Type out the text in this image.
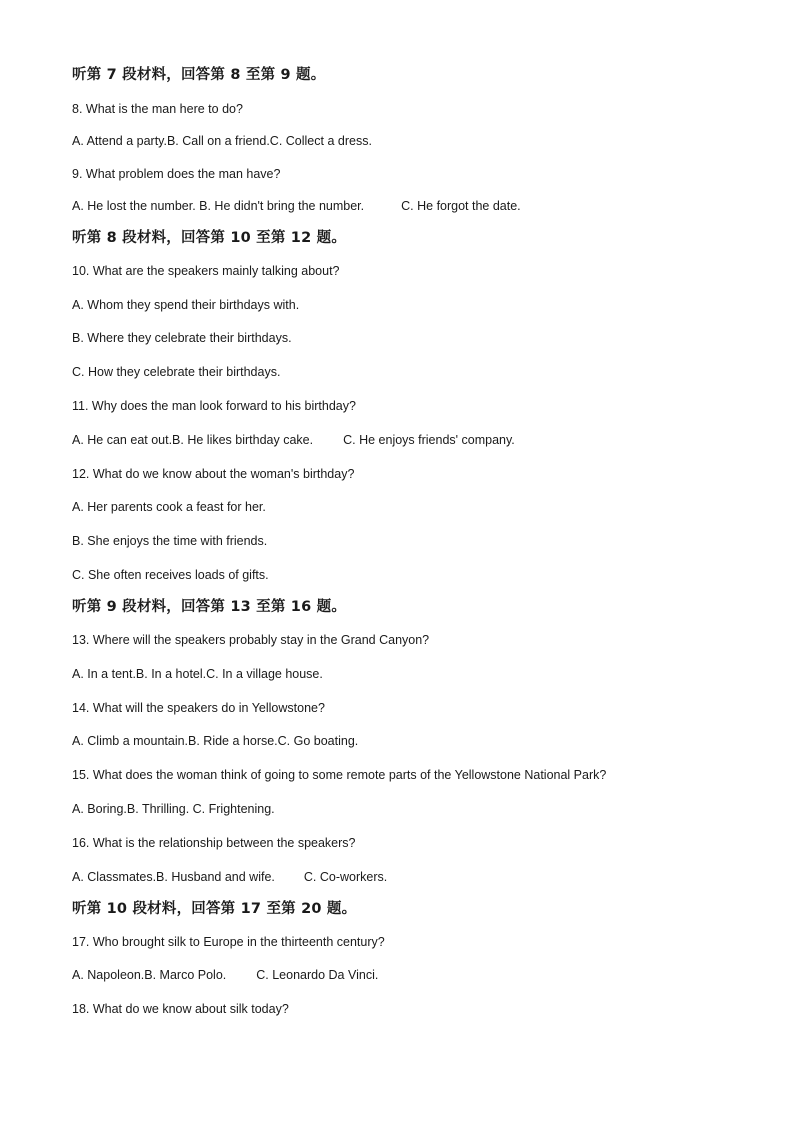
听第 7 段材料，回答第 8 至第 9 题。
8. What is the man here to do?
A. Attend a party.B. Call on a friend.C. Collect a dress.
9. What problem does the man have?
A. He lost the number. B. He didn't bring the number.	C. He forgot the date.
听第 8 段材料，回答第 10 至第 12 题。
10. What are the speakers mainly talking about?
A. Whom they spend their birthdays with.
B. Where they celebrate their birthdays.
C. How they celebrate their birthdays.
11. Why does the man look forward to his birthday?
A. He can eat out.B. He likes birthday cake. C. He enjoys friends' company.
12. What do we know about the woman's birthday?
A. Her parents cook a feast for her.
B. She enjoys the time with friends.
C. She often receives loads of gifts.
听第 9 段材料，回答第 13 至第 16 题。
13. Where will the speakers probably stay in the Grand Canyon?
A. In a tent.B. In a hotel.C. In a village house.
14. What will the speakers do in Yellowstone?
A. Climb a mountain.B. Ride a horse.C. Go boating.
15. What does the woman think of going to some remote parts of the Yellowstone National Park?
A. Boring.B. Thrilling. C. Frightening.
16. What is the relationship between the speakers?
A. Classmates.B. Husband and wife. C. Co-workers.
听第 10 段材料，回答第 17 至第 20 题。
17. Who brought silk to Europe in the thirteenth century?
A. Napoleon.B. Marco Polo. C. Leonardo Da Vinci.
18. What do we know about silk today?
